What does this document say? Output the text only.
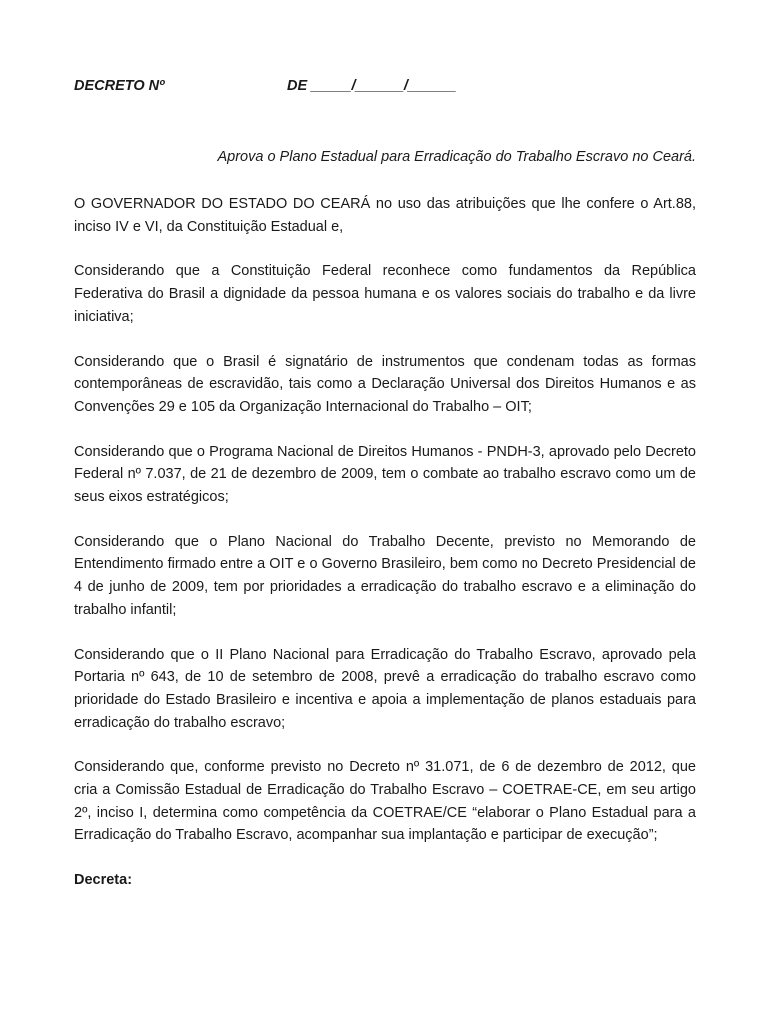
DECRETO Nº	DE _____/______/______
Aprova o Plano Estadual para Erradicação do Trabalho Escravo no Ceará.

O GOVERNADOR DO ESTADO DO CEARÁ no uso das atribuições que lhe confere o Art.88, inciso IV e VI, da Constituição Estadual e,

Considerando que a Constituição Federal reconhece como fundamentos da República Federativa do Brasil a dignidade da pessoa humana e os valores sociais do trabalho e da livre iniciativa;

Considerando que o Brasil é signatário de instrumentos que condenam todas as formas contemporâneas de escravidão, tais como a Declaração Universal dos Direitos Humanos e as Convenções 29 e 105 da Organização Internacional do Trabalho – OIT;

Considerando que o Programa Nacional de Direitos Humanos - PNDH-3, aprovado pelo Decreto Federal nº 7.037, de 21 de dezembro de 2009, tem o combate ao trabalho escravo como um de seus eixos estratégicos;

Considerando que o Plano Nacional do Trabalho Decente, previsto no Memorando de Entendimento firmado entre a OIT e o Governo Brasileiro, bem como no Decreto Presidencial de 4 de junho de 2009, tem por prioridades a erradicação do trabalho escravo e a eliminação do trabalho infantil;

Considerando que o II Plano Nacional para Erradicação do Trabalho Escravo, aprovado pela Portaria nº 643, de 10 de setembro de 2008, prevê a erradicação do trabalho escravo como prioridade do Estado Brasileiro e incentiva e apoia a implementação de planos estaduais para erradicação do trabalho escravo;

Considerando que, conforme previsto no Decreto nº 31.071, de 6 de dezembro de 2012, que cria a Comissão Estadual de Erradicação do Trabalho Escravo – COETRAE-CE, em seu artigo 2º, inciso I, determina como competência da COETRAE/CE “elaborar o Plano Estadual para a Erradicação do Trabalho Escravo, acompanhar sua implantação e participar de execução”;

Decreta:
